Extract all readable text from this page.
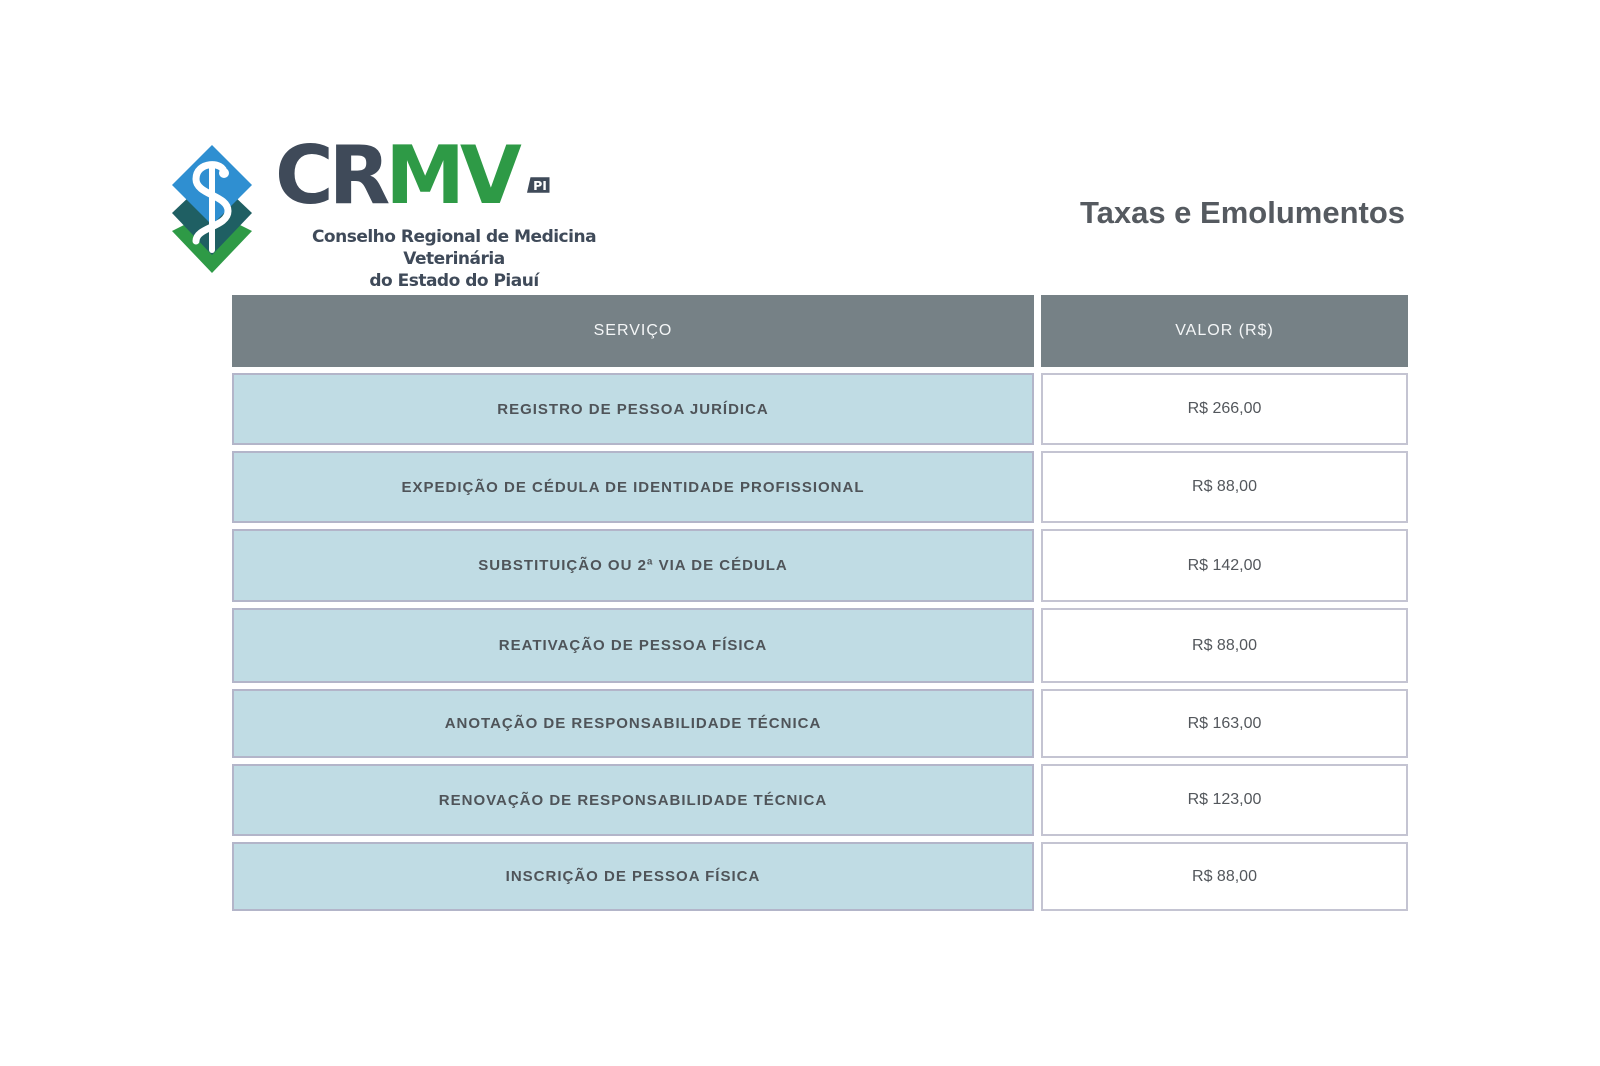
CRMV PI
Conselho Regional de Medicina Veterinária
do Estado do Piauí
Taxas e Emolumentos
SERVIÇO	VALOR (R$)
REGISTRO DE PESSOA JURÍDICA	R$ 266,00
EXPEDIÇÃO DE CÉDULA DE IDENTIDADE PROFISSIONAL	R$ 88,00
SUBSTITUIÇÃO OU 2ª VIA DE CÉDULA	R$ 142,00
REATIVAÇÃO DE PESSOA FÍSICA	R$ 88,00
ANOTAÇÃO DE RESPONSABILIDADE TÉCNICA	R$ 163,00
RENOVAÇÃO DE RESPONSABILIDADE TÉCNICA	R$ 123,00
INSCRIÇÃO DE PESSOA FÍSICA	R$ 88,00
